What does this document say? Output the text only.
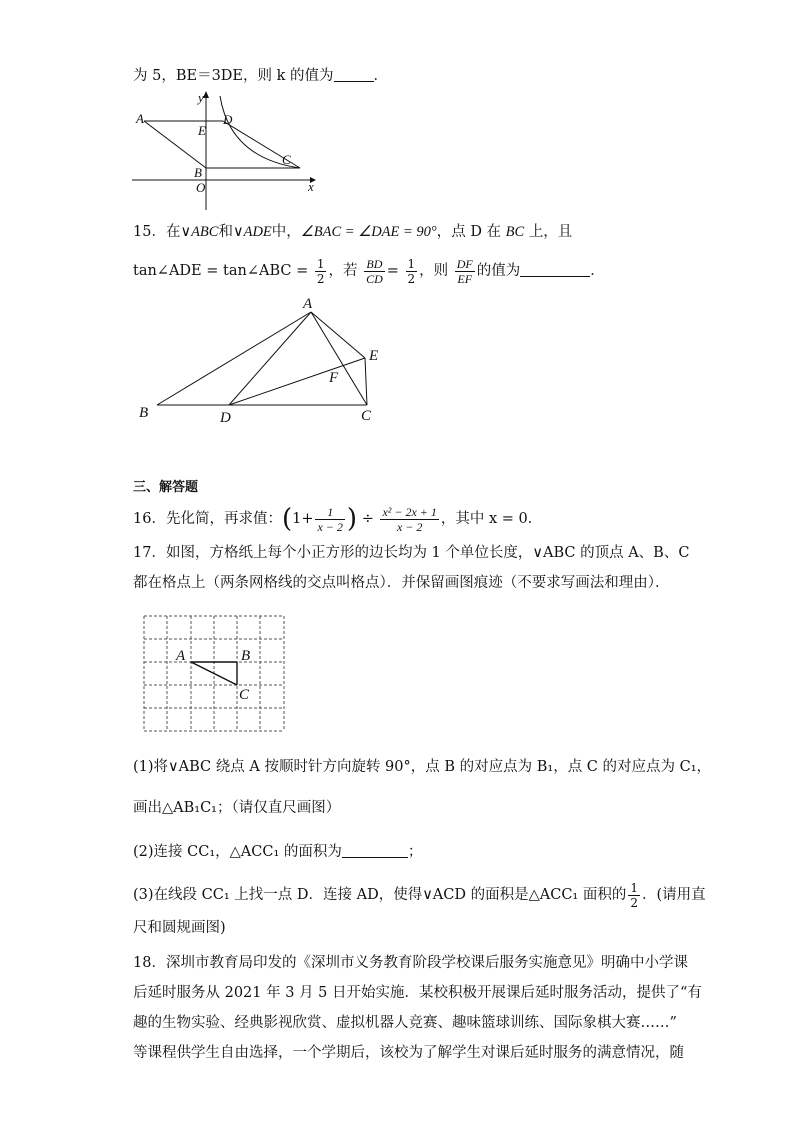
为 5，BE＝3DE，则 k 的值为	．
y
A
E
D
C
B
O	x
15．在∨ABC和∨ADE中，∠BAC = ∠DAE = 90°，点 D 在 BC 上，且
tan∠ADE = tan∠ABC = $\frac{1}{2}$ ，若 $\frac{BD}{CD} = \frac{1}{2}$ ，则 $\frac{DF}{EF}$ 的值为	．
A
E
F
B	D	C
三、解答题
16．先化简，再求值：($1+ \frac{1}{x - 2}$ ) ÷ $\frac{\text{x² − 2x + 1}}{x - 2}$ ，其中 x = 0．
17．如图，方格纸上每个小正方形的边长均为 1 个单位长度，∨ABC 的顶点 A、B、C
都在格点上（两条网格线的交点叫格点）．并保留画图痕迹（不要求写画法和理由）．
A	B
C
(1)将∨ABC 绕点 A 按顺时针方向旋转 90°，点 B 的对应点为 B₁，点 C 的对应点为 C₁，
画出△AB₁C₁；（请仅直尺画图）
(2)连接 CC₁，△ACC₁ 的面积为	；
(3)在线段 CC₁ 上找一点 D．连接 AD，使得∨ACD 的面积是△ACC₁ 面积的 $\frac{1}{2}$ ．(请用直
尺和圆规画图)
18．深圳市教育局印发的《深圳市义务教育阶段学校课后服务实施意见》明确中小学课
后延时服务从 2021 年 3 月 5 日开始实施．某校积极开展课后延时服务活动，提供了“有
趣的生物实验、经典影视欣赏、虚拟机器人竞赛、趣味篮球训练、国际象棋大赛……”
等课程供学生自由选择，一个学期后，该校为了解学生对课后延时服务的满意情况，随
